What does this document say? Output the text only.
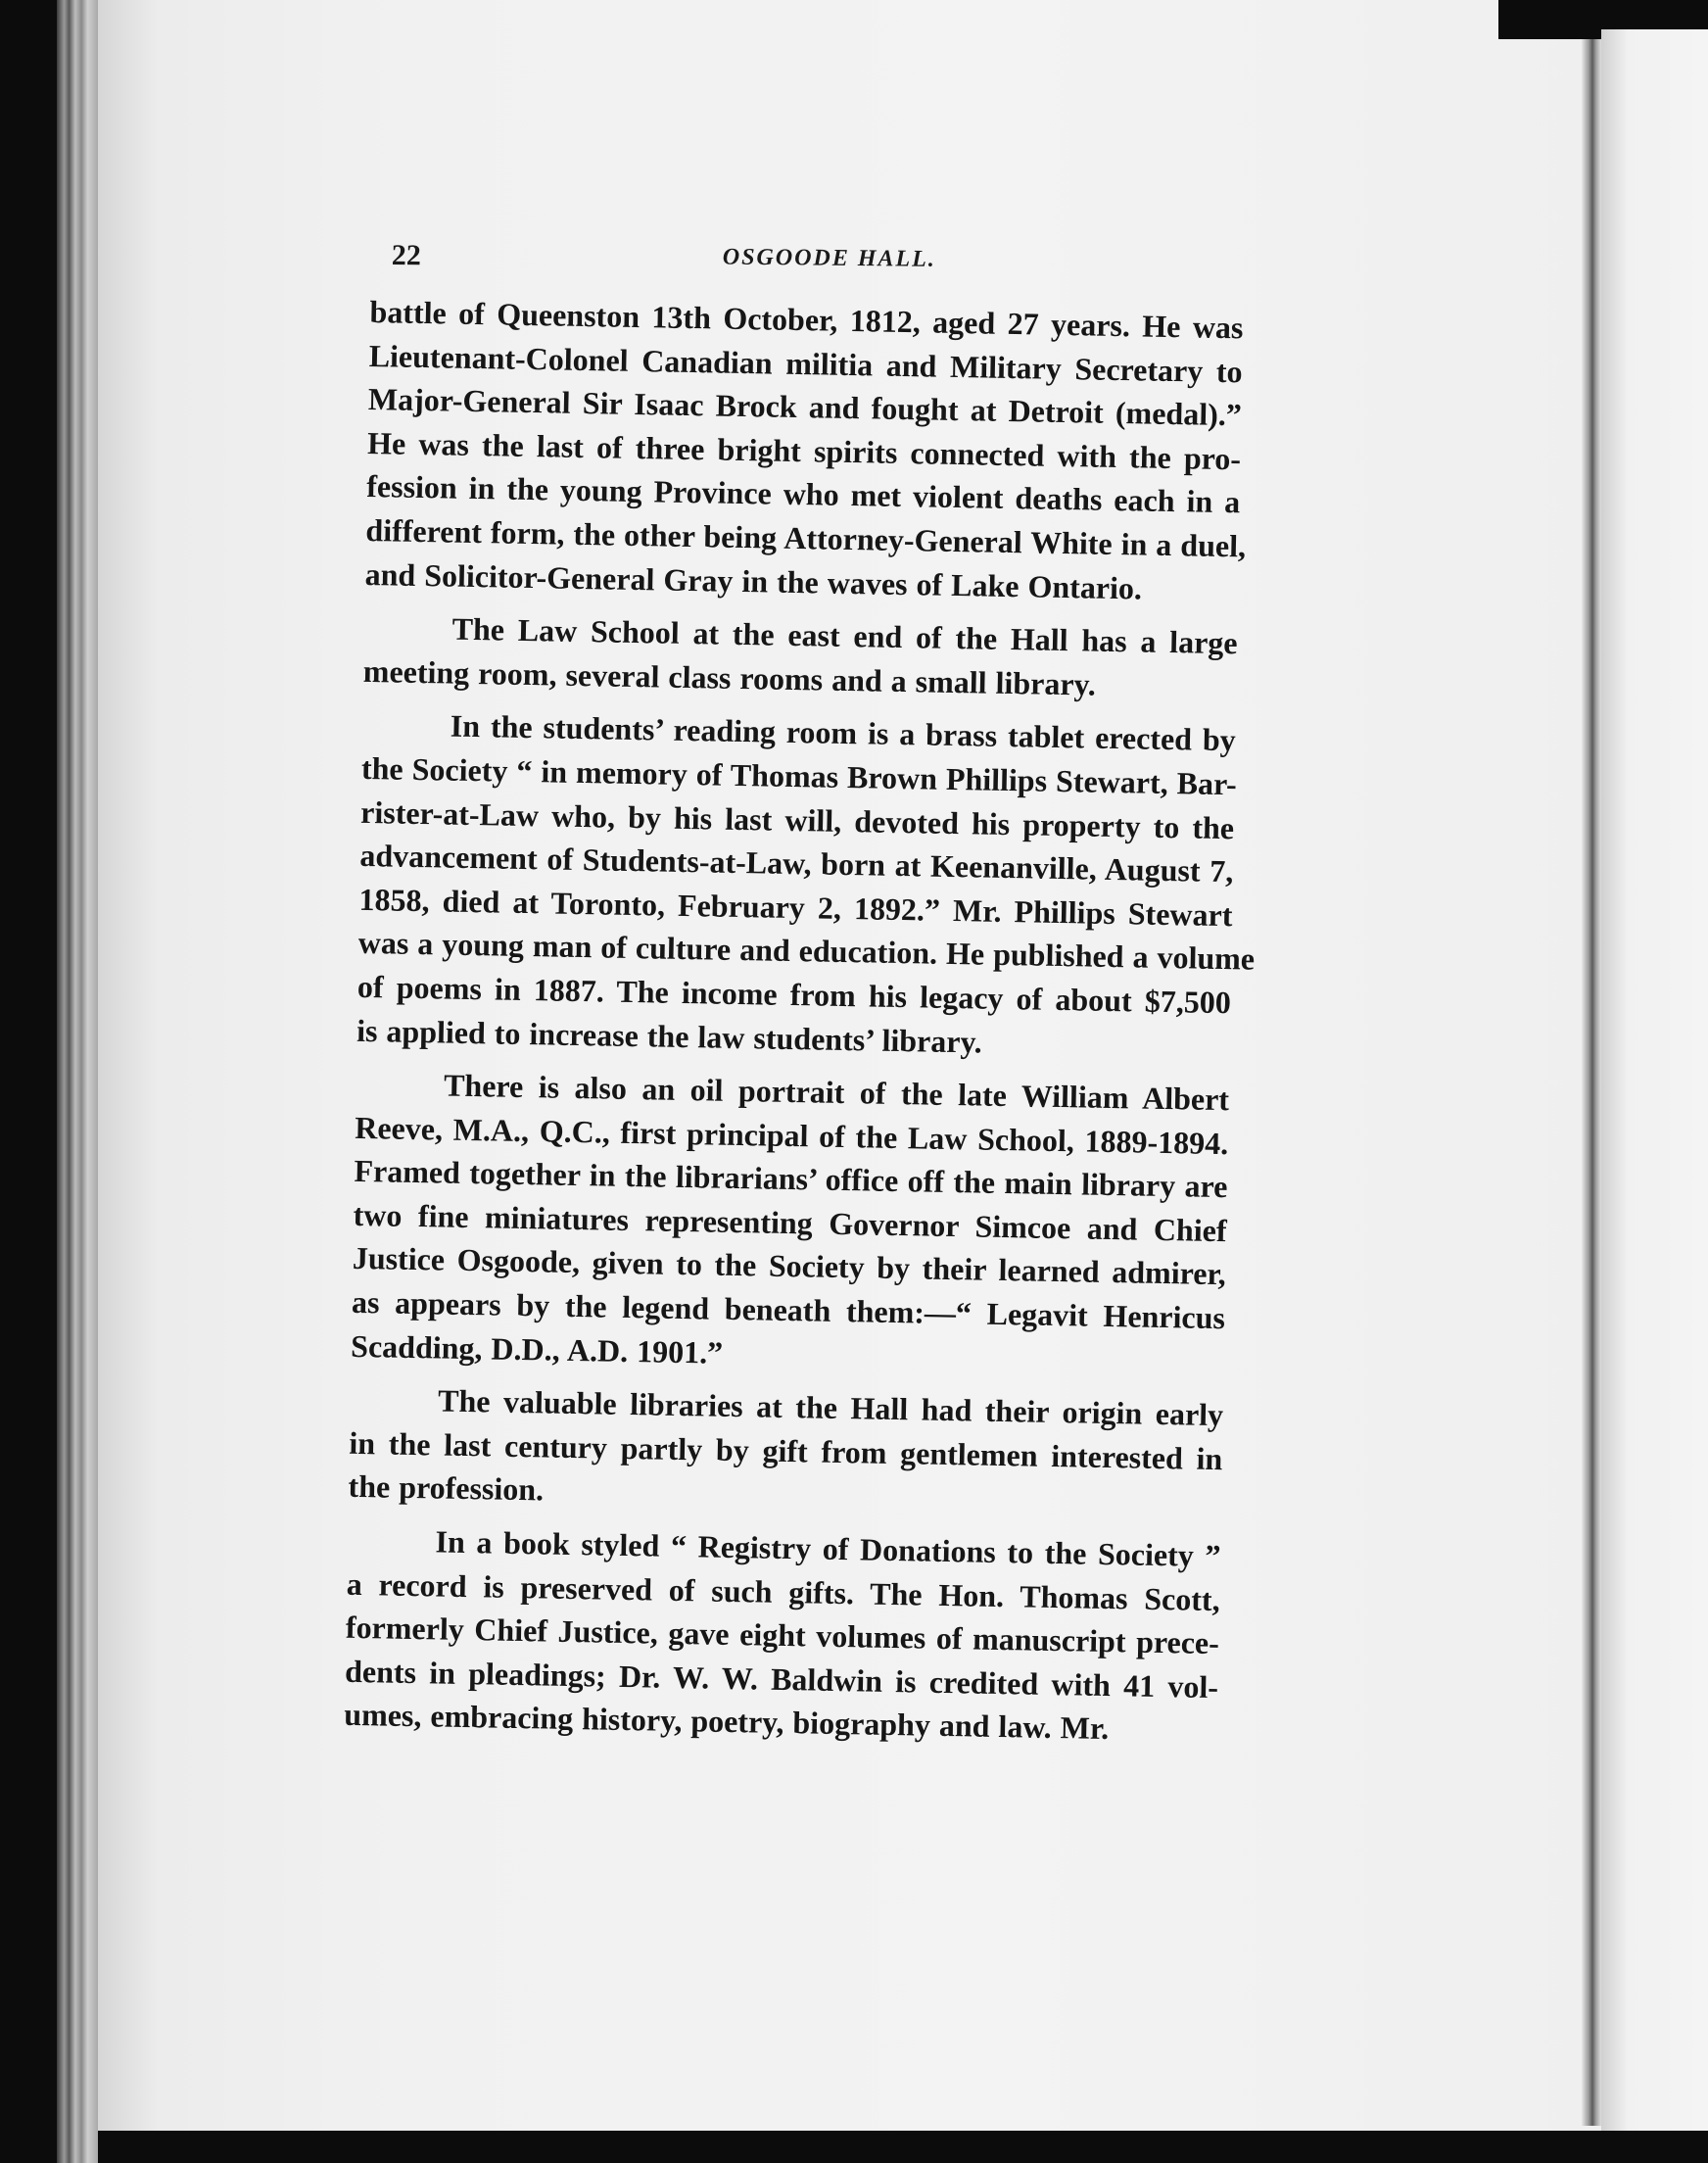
22	OSGOODE HALL.
battle of Queenston 13th October, 1812, aged 27 years. He was
Lieutenant-Colonel Canadian militia and Military Secretary to
Major-General Sir Isaac Brock and fought at Detroit (medal).”
He was the last of three bright spirits connected with the pro-
fession in the young Province who met violent deaths each in a
different form, the other being Attorney-General White in a duel,
and Solicitor-General Gray in the waves of Lake Ontario.
The Law School at the east end of the Hall has a large
meeting room, several class rooms and a small library.
In the students’ reading room is a brass tablet erected by
the Society “ in memory of Thomas Brown Phillips Stewart, Bar-
rister-at-Law who, by his last will, devoted his property to the
advancement of Students-at-Law, born at Keenanville, August 7,
1858, died at Toronto, February 2, 1892.” Mr. Phillips Stewart
was a young man of culture and education. He published a volume
of poems in 1887. The income from his legacy of about $7,500
is applied to increase the law students’ library.
There is also an oil portrait of the late William Albert
Reeve, M.A., Q.C., first principal of the Law School, 1889-1894.
Framed together in the librarians’ office off the main library are
two fine miniatures representing Governor Simcoe and Chief
Justice Osgoode, given to the Society by their learned admirer,
as appears by the legend beneath them:—“ Legavit Henricus
Scadding, D.D., A.D. 1901.”
The valuable libraries at the Hall had their origin early
in the last century partly by gift from gentlemen interested in
the profession.
In a book styled “ Registry of Donations to the Society ”
a record is preserved of such gifts. The Hon. Thomas Scott,
formerly Chief Justice, gave eight volumes of manuscript prece-
dents in pleadings; Dr. W. W. Baldwin is credited with 41 vol-
umes, embracing history, poetry, biography and law. Mr.
